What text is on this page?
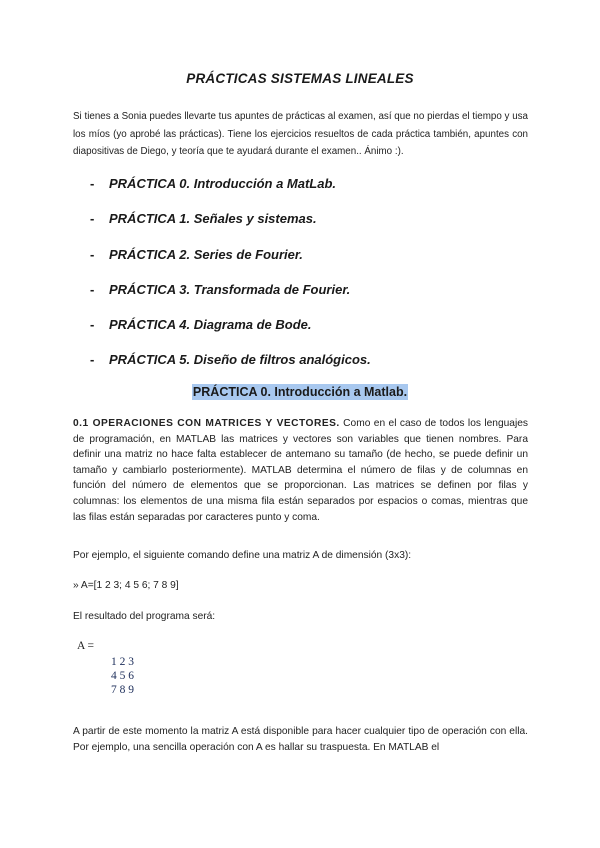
PRÁCTICAS SISTEMAS LINEALES
Si tienes a Sonia puedes llevarte tus apuntes de prácticas al examen, así que no pierdas el tiempo y usa los míos (yo aprobé las prácticas). Tiene los ejercicios resueltos de cada práctica también, apuntes con diapositivas de Diego, y teoría que te ayudará durante el examen.. Ánimo :).
- PRÁCTICA 0. Introducción a MatLab.
- PRÁCTICA 1. Señales y sistemas.
- PRÁCTICA 2. Series de Fourier.
- PRÁCTICA 3. Transformada de Fourier.
- PRÁCTICA 4. Diagrama de Bode.
- PRÁCTICA 5. Diseño de filtros analógicos.
PRÁCTICA 0. Introducción a Matlab.

0.1 OPERACIONES CON MATRICES Y VECTORES. Como en el caso de todos los lenguajes de programación, en MATLAB las matrices y vectores son variables que tienen nombres. Para definir una matriz no hace falta establecer de antemano su tamaño (de hecho, se puede definir un tamaño y cambiarlo posteriormente). MATLAB determina el número de filas y de columnas en función del número de elementos que se proporcionan. Las matrices se definen por filas y columnas: los elementos de una misma fila están separados por espacios o comas, mientras que las filas están separadas por caracteres punto y coma.

Por ejemplo, el siguiente comando define una matriz A de dimensión (3x3):

» A=[1 2 3; 4 5 6; 7 8 9]

El resultado del programa será:

A =
1 2 3
4 5 6
7 8 9

A partir de este momento la matriz A está disponible para hacer cualquier tipo de operación con ella. Por ejemplo, una sencilla operación con A es hallar su traspuesta. En MATLAB el
